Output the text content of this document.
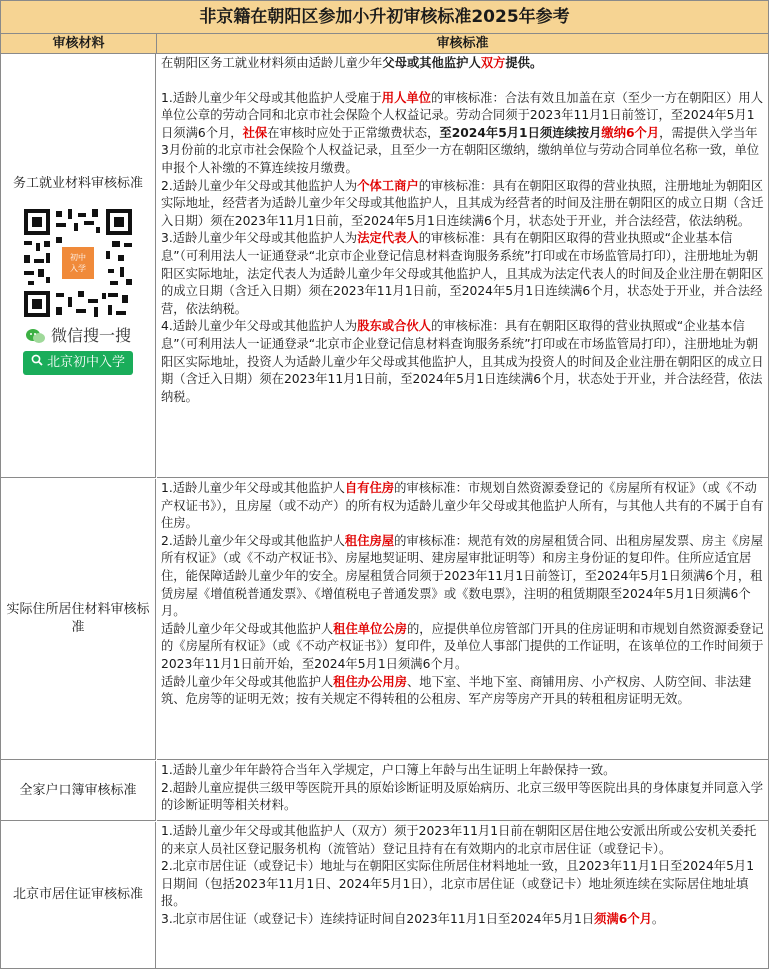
非京籍在朝阳区参加小升初审核标准2025年参考
审核材料	审核标准
务工就业材料审核标准
初中
入学
微信搜一搜
北京初中入学

在朝阳区务工就业材料须由适龄儿童少年父母或其他监护人双方提供。

1.适龄儿童少年父母或其他监护人受雇于用人单位的审核标准：合法有效且加盖在京（至少一方在朝阳区）用人单位公章的劳动合同和北京市社会保险个人权益记录。劳动合同须于2023年11月1日前签订，至2024年5月1日须满6个月，社保在审核时应处于正常缴费状态，至2024年5月1日须连续按月缴纳6个月，需提供入学当年3月份前的北京市社会保险个人权益记录，且至少一方在朝阳区缴纳，缴纳单位与劳动合同单位名称一致，单位申报个人补缴的不算连续按月缴费。

2.适龄儿童少年父母或其他监护人为个体工商户的审核标准：具有在朝阳区取得的营业执照，注册地址为朝阳区实际地址，经营者为适龄儿童少年父母或其他监护人，且其成为经营者的时间及注册在朝阳区的成立日期（含迁入日期）须在2023年11月1日前，至2024年5月1日连续满6个月，状态处于开业，并合法经营，依法纳税。

3.适龄儿童少年父母或其他监护人为法定代表人的审核标准：具有在朝阳区取得的营业执照或“企业基本信息”（可利用法人一证通登录“北京市企业登记信息材料查询服务系统”打印或在市场监管局打印），注册地址为朝阳区实际地址，法定代表人为适龄儿童少年父母或其他监护人，且其成为法定代表人的时间及企业注册在朝阳区的成立日期（含迁入日期）须在2023年11月1日前，至2024年5月1日连续满6个月，状态处于开业，并合法经营，依法纳税。

4.适龄儿童少年父母或其他监护人为股东或合伙人的审核标准：具有在朝阳区取得的营业执照或“企业基本信息”（可利用法人一证通登录“北京市企业登记信息材料查询服务系统”打印或在市场监管局打印），注册地址为朝阳区实际地址，投资人为适龄儿童少年父母或其他监护人，且其成为投资人的时间及企业注册在朝阳区的成立日期（含迁入日期）须在2023年11月1日前，至2024年5月1日连续满6个月，状态处于开业，并合法经营，依法纳税。

实际住所居住材料审核标准

1.适龄儿童少年父母或其他监护人自有住房的审核标准：市规划自然资源委登记的《房屋所有权证》（或《不动产权证书》），且房屋（或不动产）的所有权为适龄儿童少年父母或其他监护人所有，与其他人共有的不属于自有住房。

2.适龄儿童少年父母或其他监护人租住房屋的审核标准：规范有效的房屋租赁合同、出租房屋发票、房主《房屋所有权证》（或《不动产权证书》、房屋地契证明、建房屋审批证明等）和房主身份证的复印件。住所应适宜居住，能保障适龄儿童少年的安全。房屋租赁合同须于2023年11月1日前签订，至2024年5月1日须满6个月，租赁房屋《增值税普通发票》、《增值税电子普通发票》或《数电票》，注明的租赁期限至2024年5月1日须满6个月。

适龄儿童少年父母或其他监护人租住单位公房的，应提供单位房管部门开具的住房证明和市规划自然资源委登记的《房屋所有权证》（或《不动产权证书》）复印件，及单位人事部门提供的工作证明，在该单位的工作时间须于2023年11月1日前开始，至2024年5月1日须满6个月。

适龄儿童少年父母或其他监护人租住办公用房、地下室、半地下室、商铺用房、小产权房、人防空间、非法建筑、危房等的证明无效；按有关规定不得转租的公租房、军产房等房产开具的转租租房证明无效。

全家户口簿审核标准

1.适龄儿童少年年龄符合当年入学规定，户口簿上年龄与出生证明上年龄保持一致。

2.超龄儿童应提供三级甲等医院开具的原始诊断证明及原始病历、北京三级甲等医院出具的身体康复并同意入学的诊断证明等相关材料。

北京市居住证审核标准

1.适龄儿童少年父母或其他监护人（双方）须于2023年11月1日前在朝阳区居住地公安派出所或公安机关委托的来京人员社区登记服务机构（流管站）登记且持有在有效期内的北京市居住证（或登记卡）。

2.北京市居住证（或登记卡）地址与在朝阳区实际住所居住材料地址一致，且2023年11月1日至2024年5月1日期间（包括2023年11月1日、2024年5月1日），北京市居住证（或登记卡）地址须连续在实际居住地址填报。

3.北京市居住证（或登记卡）连续持证时间自2023年11月1日至2024年5月1日须满6个月。
